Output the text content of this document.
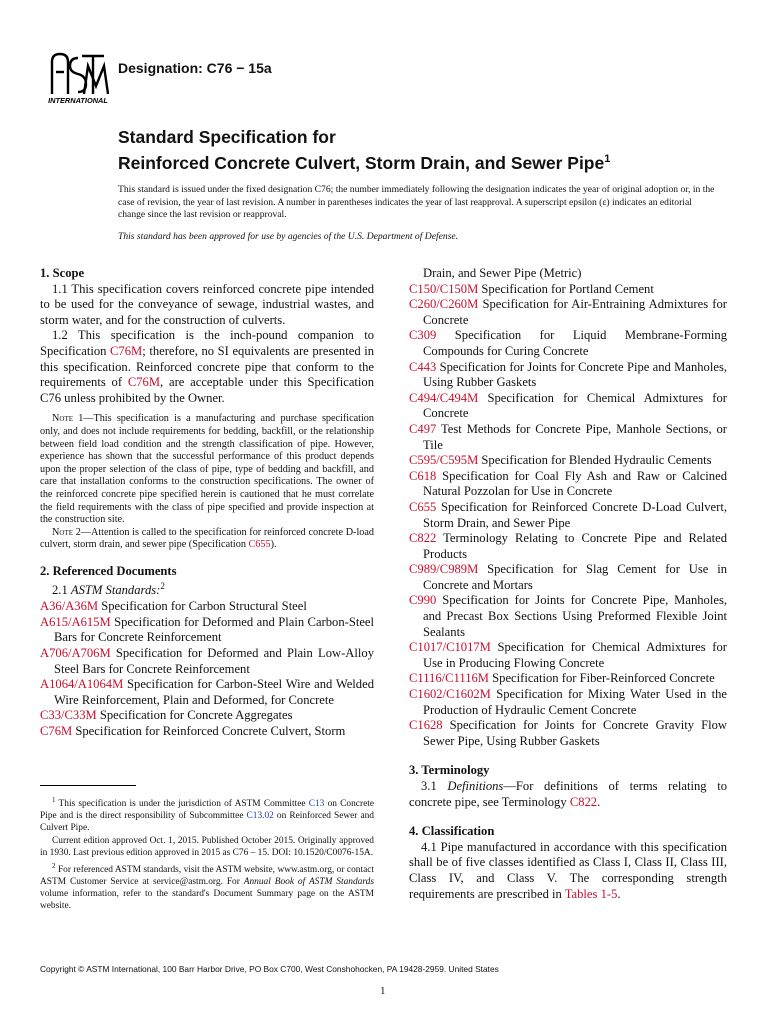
INTERNATIONAL
Designation: C76 − 15a
Standard Specification for
Reinforced Concrete Culvert, Storm Drain, and Sewer Pipe$^1$
This standard is issued under the fixed designation C76; the number immediately following the designation indicates the year of original adoption or, in the case of revision, the year of last revision. A number in parentheses indicates the year of last reapproval. A superscript epsilon (ε) indicates an editorial change since the last revision or reapproval.
This standard has been approved for use by agencies of the U.S. Department of Defense.

1. Scope

1.1 This specification covers reinforced concrete pipe intended to be used for the conveyance of sewage, industrial wastes, and storm water, and for the construction of culverts.

1.2 This specification is the inch-pound companion to Specification C76M; therefore, no SI equivalents are presented in this specification. Reinforced concrete pipe that conform to the requirements of C76M, are acceptable under this Specification C76 unless prohibited by the Owner.

Note 1—This specification is a manufacturing and purchase specification only, and does not include requirements for bedding, backfill, or the relationship between field load condition and the strength classification of pipe. However, experience has shown that the successful performance of this product depends upon the proper selection of the class of pipe, type of bedding and backfill, and care that installation conforms to the construction specifications. The owner of the reinforced concrete pipe specified herein is cautioned that he must correlate the field requirements with the class of pipe specified and provide inspection at the construction site.

Note 2—Attention is called to the specification for reinforced concrete D-load culvert, storm drain, and sewer pipe (Specification C655).

2. Referenced Documents

2.1 ASTM Standards:$^2$

A36/A36M Specification for Carbon Structural Steel

A615/A615M Specification for Deformed and Plain Carbon-Steel Bars for Concrete Reinforcement

A706/A706M Specification for Deformed and Plain Low-Alloy Steel Bars for Concrete Reinforcement

A1064/A1064M Specification for Carbon-Steel Wire and Welded Wire Reinforcement, Plain and Deformed, for Concrete

C33/C33M Specification for Concrete Aggregates

C76M Specification for Reinforced Concrete Culvert, Storm

$^1$ This specification is under the jurisdiction of ASTM Committee C13 on Concrete Pipe and is the direct responsibility of Subcommittee C13.02 on Reinforced Sewer and Culvert Pipe.

Current edition approved Oct. 1, 2015. Published October 2015. Originally approved in 1930. Last previous edition approved in 2015 as C76 – 15. DOI: 10.1520/C0076-15A.

$^2$ For referenced ASTM standards, visit the ASTM website, www.astm.org, or contact ASTM Customer Service at service@astm.org. For Annual Book of ASTM Standards volume information, refer to the standard's Document Summary page on the ASTM website.

Drain, and Sewer Pipe (Metric)

C150/C150M Specification for Portland Cement

C260/C260M Specification for Air-Entraining Admixtures for Concrete

C309 Specification for Liquid Membrane-Forming Compounds for Curing Concrete

C443 Specification for Joints for Concrete Pipe and Manholes, Using Rubber Gaskets

C494/C494M Specification for Chemical Admixtures for Concrete

C497 Test Methods for Concrete Pipe, Manhole Sections, or Tile

C595/C595M Specification for Blended Hydraulic Cements

C618 Specification for Coal Fly Ash and Raw or Calcined Natural Pozzolan for Use in Concrete

C655 Specification for Reinforced Concrete D-Load Culvert, Storm Drain, and Sewer Pipe

C822 Terminology Relating to Concrete Pipe and Related Products

C989/C989M Specification for Slag Cement for Use in Concrete and Mortars

C990 Specification for Joints for Concrete Pipe, Manholes, and Precast Box Sections Using Preformed Flexible Joint Sealants

C1017/C1017M Specification for Chemical Admixtures for Use in Producing Flowing Concrete

C1116/C1116M Specification for Fiber-Reinforced Concrete

C1602/C1602M Specification for Mixing Water Used in the Production of Hydraulic Cement Concrete

C1628 Specification for Joints for Concrete Gravity Flow Sewer Pipe, Using Rubber Gaskets

3. Terminology

3.1 Definitions—For definitions of terms relating to concrete pipe, see Terminology C822.

4. Classification

4.1 Pipe manufactured in accordance with this specification shall be of five classes identified as Class I, Class II, Class III, Class IV, and Class V. The corresponding strength requirements are prescribed in Tables 1-5.

Copyright © ASTM International, 100 Barr Harbor Drive, PO Box C700, West Conshohocken, PA 19428-2959. United States
1
